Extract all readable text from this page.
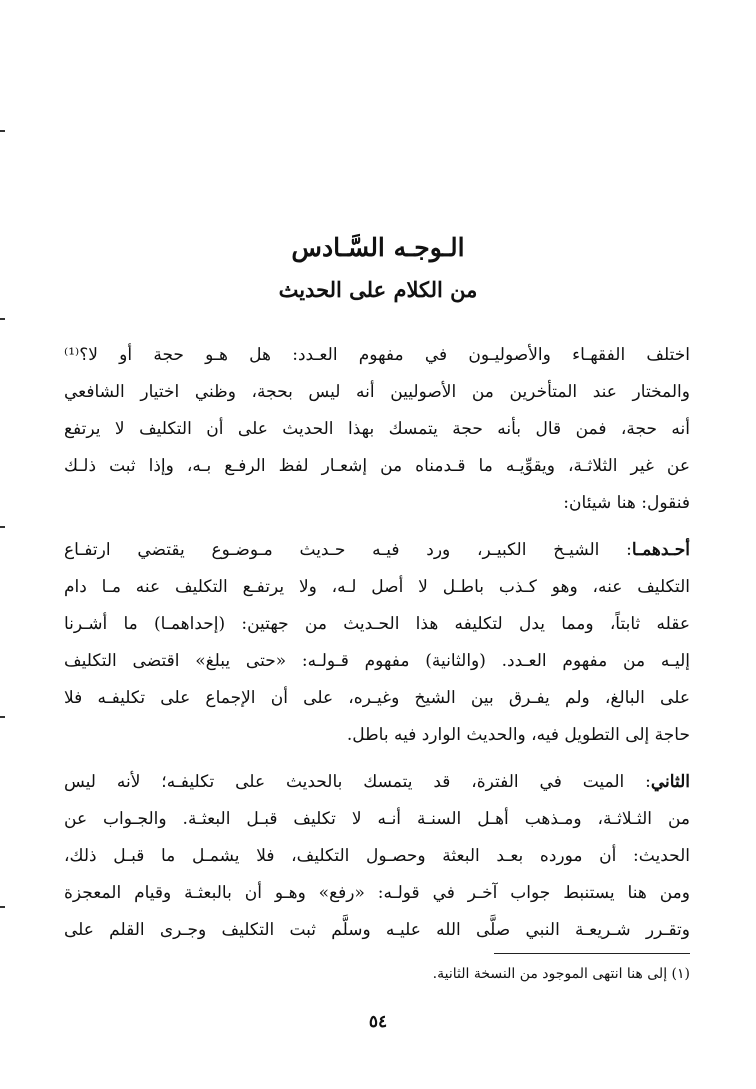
الـوجـه السَّـادس
من الكلام على الحديث
اختلف الفقهـاء والأصوليـون في مفهوم العـدد: هل هـو حجة أو لا؟⁽¹⁾
والمختار عند المتأخرين من الأصوليين أنه ليس بحجة، وظني اختيار الشافعي
أنه حجة، فمن قال بأنه حجة يتمسك بهذا الحديث على أن التكليف لا يرتفع
عن غير الثلاثـة، ويقوِّيـه ما قـدمناه من إشعـار لفظ الرفـع بـه، وإذا ثبت ذلـك
فنقول: هنا شيئان:
أحـدهمـا: الشيـخ الكبيـر، ورد فيـه حـديث مـوضـوع يقتضي ارتفـاع
التكليف عنه، وهو كـذب باطـل لا أصل لـه، ولا يرتفـع التكليف عنه مـا دام
عقله ثابتاً، ومما يدل لتكليفه هذا الحـديث من جهتين: (إحداهمـا) ما أشـرنا
إليـه من مفهوم العـدد. (والثانية) مفهوم قـولـه: «حتى يبلغ» اقتضى التكليف
على البالغ، ولم يفـرق بين الشيخ وغيـره، على أن الإجماع على تكليفـه فلا
حاجة إلى التطويل فيه، والحديث الوارد فيه باطل.
الثاني: الميت في الفترة، قد يتمسك بالحديث على تكليفـه؛ لأنه ليس
من الثـلاثـة، ومـذهب أهـل السنـة أنـه لا تكليف قبـل البعثـة. والجـواب عن
الحديث: أن مورده بعـد البعثة وحصـول التكليف، فلا يشمـل ما قبـل ذلك،
ومن هنا يستنبط جواب آخـر في قولـه: «رفع» وهـو أن بالبعثـة وقيام المعجزة
وتقـرر شـريعـة النبي صلَّى الله عليـه وسلَّم ثبت التكليف وجـرى القلم على
(١) إلى هنا انتهى الموجود من النسخة الثانية.
٥٤
